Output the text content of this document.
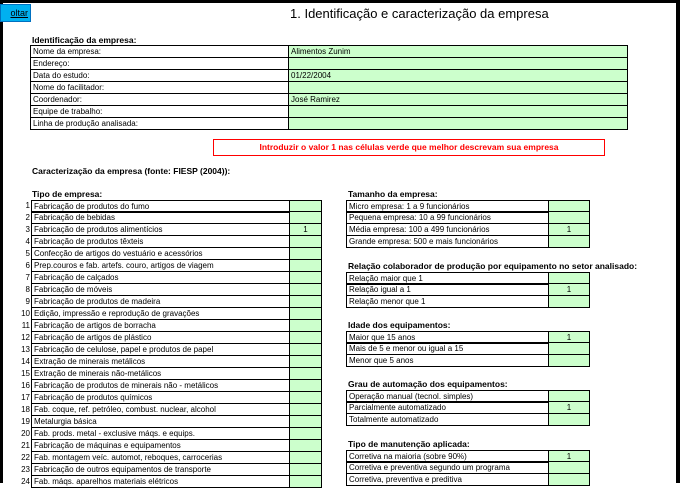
oltar	1. Identificação e caracterização da empresa
Identificação da empresa:
Nome da empresa:	Alimentos Zunim
Endereço:	
Data do estudo:	01/22/2004
Nome do facilitador:	
Coordenador:	José Ramirez
Equipe de trabalho:	
Linha de produção analisada:	
Introduzir o valor 1 nas células verde que melhor descrevam sua empresa
Caracterização da empresa (fonte: FIESP (2004)):
Tipo de empresa:
1 Fabricação de produtos do fumo
2 Fabricação de bebidas
3 Fabricação de produtos alimentícios	1
4 Fabricação de produtos têxteis
5 Confecção de artigos do vestuário e acessórios
6 Prep.couros e fab. artefs. couro, artigos de viagem
7 Fabricação de calçados
8 Fabricação de móveis
9 Fabricação de produtos de madeira
10 Edição, impressão e reprodução de gravações
11 Fabricação de artigos de borracha
12 Fabricação de artigos de plástico
13 Fabricação de celulose, papel e produtos de papel
14 Extração de minerais metálicos
15 Extração de minerais não-metálicos
16 Fabricação de produtos de minerais não - metálicos
17 Fabricação de produtos químicos
18 Fab. coque, ref. petróleo, combust. nuclear, alcohol
19 Metalurgia básica
20 Fab. prods. metal - exclusive máqs. e equips.
21 Fabricação de máquinas e equipamentos
22 Fab. montagem veíc. automot, reboques, carrocerias
23 Fabricação de outros equipamentos de transporte
24 Fab. máqs. aparelhos materiais elétricos
Tamanho da empresa:
Micro empresa: 1 a 9 funcionários
Pequena empresa: 10 a 99 funcionários
Média empresa: 100 a 499 funcionários	1
Grande empresa: 500 e mais funcionários
Relação colaborador de produção por equipamento no setor analisado:
Relação maior que 1
Relação igual a 1	1
Relação menor que 1
Idade dos equipamentos:
Maior que 15 anos	1
Mais de 5 e menor ou igual a 15
Menor que 5 anos
Grau de automação dos equipamentos:
Operação manual (tecnol. simples)
Parcialmente automatizado	1
Totalmente automatizado
Tipo de manutenção aplicada:
Corretiva na maioria (sobre 90%)	1
Corretiva e preventiva segundo um programa
Corretiva, preventiva e preditiva
